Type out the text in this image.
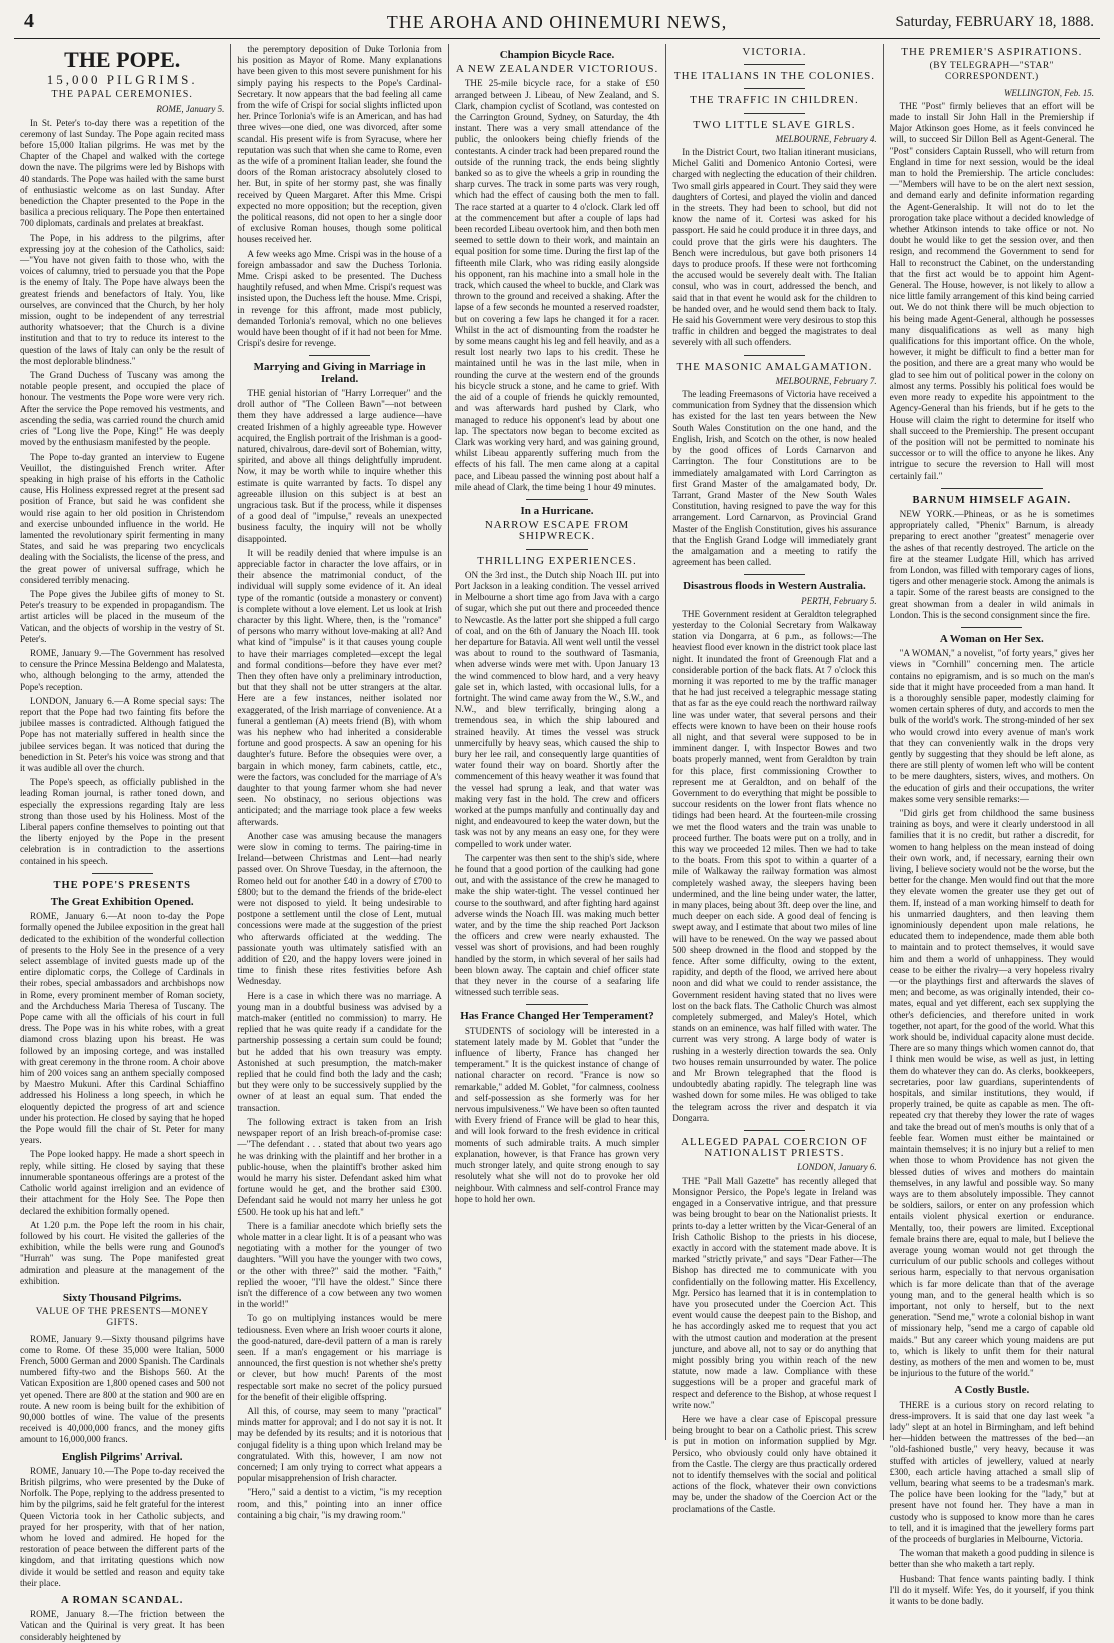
4	THE AROHA AND OHINEMURI NEWS,	Saturday, FEBRUARY 18, 1888.
THE POPE.
15,000 PILGRIMS.
THE PAPAL CEREMONIES.
ROME, January 5.

In St. Peter's to-day there was a repetition of the ceremony of last Sunday. The Pope again recited mass before 15,000 Italian pilgrims. He was met by the Chapter of the Chapel and walked with the cortege down the nave. The pilgrims were led by Bishops with 40 standards. The Pope was hailed with the same burst of enthusiastic welcome as on last Sunday. After benediction the Chapter presented to the Pope in the basilica a precious reliquary. The Pope then entertained 700 diplomats, cardinals and prelates at breakfast.

The Pope, in his address to the pilgrims, after expressing joy at the cohesion of the Catholics, said:—"You have not given faith to those who, with the voices of calumny, tried to persuade you that the Pope is the enemy of Italy. The Pope have always been the greatest friends and benefactors of Italy. You, like ourselves, are convinced that the Church, by her holy mission, ought to be independent of any terrestrial authority whatsoever; that the Church is a divine institution and that to try to reduce its interest to the question of the laws of Italy can only be the result of the most deplorable blindness."

The Grand Duchess of Tuscany was among the notable people present, and occupied the place of honour. The vestments the Pope wore were very rich. After the service the Pope removed his vestments, and ascending the sedia, was carried round the church amid cries of "Long live the Pope, King!" He was deeply moved by the enthusiasm manifested by the people.

The Pope to-day granted an interview to Eugene Veuillot, the distinguished French writer. After speaking in high praise of his efforts in the Catholic cause, His Holiness expressed regret at the present sad position of France, but said he was confident she would rise again to her old position in Christendom and exercise unbounded influence in the world. He lamented the revolutionary spirit fermenting in many States, and said he was preparing two encyclicals dealing with the Socialists, the license of the press, and the great power of universal suffrage, which he considered terribly menacing.

The Pope gives the Jubilee gifts of money to St. Peter's treasury to be expended in propagandism. The artist articles will be placed in the museum of the Vatican, and the objects of worship in the vestry of St. Peter's.

ROME, January 9.—The Government has resolved to censure the Prince Messina Beldengo and Malatesta, who, although belonging to the army, attended the Pope's reception.

LONDON, January 6.—A Rome special says: The report that the Pope had two fainting fits before the jubilee masses is contradicted. Although fatigued the Pope has not materially suffered in health since the jubilee services began. It was noticed that during the benediction in St. Peter's his voice was strong and that it was audible all over the church.

The Pope's speech, as officially published in the leading Roman journal, is rather toned down, and especially the expressions regarding Italy are less strong than those used by his Holiness. Most of the Liberal papers confine themselves to pointing out that the liberty enjoyed by the Pope in the present celebration is in contradiction to the assertions contained in his speech.

THE POPE'S PRESENTS
The Great Exhibition Opened.

ROME, January 6.—At noon to-day the Pope formally opened the Jubilee exposition in the great hall dedicated to the exhibition of the wonderful collection of presents to the Holy See in the presence of a very select assemblage of invited guests made up of the entire diplomatic corps, the College of Cardinals in their robes, special ambassadors and archbishops now in Rome, every prominent member of Roman society, and the Archduchess Maria Theresa of Tuscany. The Pope came with all the officials of his court in full dress. The Pope was in his white robes, with a great diamond cross blazing upon his breast. He was followed by an imposing cortege, and was installed with great ceremony in the throne room. A choir above him of 200 voices sang an anthem specially composed by Maestro Mukuni. After this Cardinal Schiaffino addressed his Holiness a long speech, in which he eloquently depicted the progress of art and science under his protection. He closed by saying that he hoped the Pope would fill the chair of St. Peter for many years.

The Pope looked happy. He made a short speech in reply, while sitting. He closed by saying that these innumerable spontaneous offerings are a protest of the Catholic world against irreligion and an evidence of their attachment for the Holy See. The Pope then declared the exhibition formally opened.

At 1.20 p.m. the Pope left the room in his chair, followed by his court. He visited the galleries of the exhibition, while the bells were rung and Gounod's "Hurrah" was sung. The Pope manifested great admiration and pleasure at the management of the exhibition.

Sixty Thousand Pilgrims.
VALUE OF THE PRESENTS—MONEY GIFTS.

ROME, January 9.—Sixty thousand pilgrims have come to Rome. Of these 35,000 were Italian, 5000 French, 5000 German and 2000 Spanish. The Cardinals numbered fifty-two and the Bishops 560. At the Vatican Exposition are 1,800 opened cases and 500 not yet opened. There are 800 at the station and 900 are en route. A new room is being built for the exhibition of 90,000 bottles of wine. The value of the presents received is 40,000,000 francs, and the money gifts amount to 16,000,000 francs.

English Pilgrims' Arrival.

ROME, January 10.—The Pope to-day received the British pilgrims, who were presented by the Duke of Norfolk. The Pope, replying to the address presented to him by the pilgrims, said he felt grateful for the interest Queen Victoria took in her Catholic subjects, and prayed for her prosperity, with that of her nation, whom he loved and admired. He hoped for the restoration of peace between the different parts of the kingdom, and that irritating questions which now divide it would be settled and reason and equity take their place.

A ROMAN SCANDAL.

ROME, January 8.—The friction between the Vatican and the Quirinal is very great. It has been considerably heightened by

the peremptory deposition of Duke Torlonia from his position as Mayor of Rome. Many explanations have been given to this most severe punishment for his simply paying his respects to the Pope's Cardinal-Secretary. It now appears that the bad feeling all came from the wife of Crispi for social slights inflicted upon her. Prince Torlonia's wife is an American, and has had three wives—one died, one was divorced, after some scandal. His present wife is from Syracuse, where her reputation was such that when she came to Rome, even as the wife of a prominent Italian leader, she found the doors of the Roman aristocracy absolutely closed to her. But, in spite of her stormy past, she was finally received by Queen Margaret. After this Mme. Crispi expected no more opposition; but the reception, given the political reasons, did not open to her a single door of exclusive Roman houses, though some political houses received her.

A few weeks ago Mme. Crispi was in the house of a foreign ambassador and saw the Duchess Torlonia. Mme. Crispi asked to be presented. The Duchess haughtily refused, and when Mme. Crispi's request was insisted upon, the Duchess left the house. Mme. Crispi, in revenge for this affront, made most publicly, demanded Torlonia's removal, which no one believes would have been thought of if it had not been for Mme. Crispi's desire for revenge.

Marrying and Giving in Marriage in Ireland.

THE genial historian of "Harry Lorrequer" and the droll author of "The Colleen Bawn"—not between them they have addressed a large audience—have created Irishmen of a highly agreeable type. However acquired, the English portrait of the Irishman is a good-natured, chivalrous, dare-devil sort of Bohemian, witty, spirited, and above all things delightfully imprudent. Now, it may be worth while to inquire whether this estimate is quite warranted by facts. To dispel any agreeable illusion on this subject is at best an ungracious task. But if the process, while it dispenses of a good deal of "impulse," reveals an unexpected business faculty, the inquiry will not be wholly disappointed.

It will be readily denied that where impulse is an appreciable factor in character the love affairs, or in their absence the matrimonial conduct, of the individual will supply some evidence of it. An ideal type of the romantic (outside a monastery or convent) is complete without a love element. Let us look at Irish character by this light. Where, then, is the "romance" of persons who marry without love-making at all? And what kind of "impulse" is it that causes young couple to have their marriages completed—except the legal and formal conditions—before they have ever met? Then they often have only a preliminary introduction, but that they shall not be utter strangers at the altar. Here are a few instances, neither isolated nor exaggerated, of the Irish marriage of convenience. At a funeral a gentleman (A) meets friend (B), with whom was his nephew who had inherited a considerable fortune and good prospects. A saw an opening for his daughter's future. Before the obsequies were over, a bargain in which money, farm cabinets, cattle, etc., were the factors, was concluded for the marriage of A's daughter to that young farmer whom she had never seen. No obstinacy, no serious objections was anticipated; and the marriage took place a few weeks afterwards.

Another case was amusing because the managers were slow in coming to terms. The pairing-time in Ireland—between Christmas and Lent—had nearly passed over. On Shrove Tuesday, in the afternoon, the Romeo held out for another £40 in a dowry of £700 to £800; but to the demand the friends of the bride-elect were not disposed to yield. It being undesirable to postpone a settlement until the close of Lent, mutual concessions were made at the suggestion of the priest who afterwards officiated at the wedding. The passionate youth was ultimately satisfied with an addition of £20, and the happy lovers were joined in time to finish these rites festivities before Ash Wednesday.

Here is a case in which there was no marriage. A young man in a doubtful business was advised by a match-maker (entitled no commission) to marry. He replied that he was quite ready if a candidate for the partnership possessing a certain sum could be found; but he added that his own treasury was empty. Astonished at such presumption, the match-maker replied that he could find both the lady and the cash; but they were only to be successively supplied by the owner of at least an equal sum. That ended the transaction.

The following extract is taken from an Irish newspaper report of an Irish breach-of-promise case:—"The defendant . . . stated that about two years ago he was drinking with the plaintiff and her brother in a public-house, when the plaintiff's brother asked him would he marry his sister. Defendant asked him what fortune would he get, and the brother said £300. Defendant said he would not marry her unless he got £500. He took up his hat and left."

There is a familiar anecdote which briefly sets the whole matter in a clear light. It is of a peasant who was negotiating with a mother for the younger of two daughters. "Will you have the younger with two cows, or the other with three?" said the mother. "Faith," replied the wooer, "I'll have the oldest." Since there isn't the difference of a cow between any two women in the world!"

To go on multiplying instances would be mere tediousness. Even where an Irish wooer courts it alone, the good-natured, dare-devil pattern of a man is rarely seen. If a man's engagement or his marriage is announced, the first question is not whether she's pretty or clever, but how much! Parents of the most respectable sort make no secret of the policy pursued for the benefit of their eligible offspring.

All this, of course, may seem to many "practical" minds matter for approval; and I do not say it is not. It may be defended by its results; and it is notorious that conjugal fidelity is a thing upon which Ireland may be congratulated. With this, however, I am now not concerned; I am only trying to correct what appears a popular misapprehension of Irish character.

"Hero," said a dentist to a victim, "is my reception room, and this," pointing into an inner office containing a big chair, "is my drawing room."

Champion Bicycle Race.
A NEW ZEALANDER VICTORIOUS.

THE 25-mile bicycle race, for a stake of £50 arranged between J. Libeau, of New Zealand, and S. Clark, champion cyclist of Scotland, was contested on the Carrington Ground, Sydney, on Saturday, the 4th instant. There was a very small attendance of the public, the onlookers being chiefly friends of the contestants. A cinder track had been prepared round the outside of the running track, the ends being slightly banked so as to give the wheels a grip in rounding the sharp curves. The track in some parts was very rough, which had the effect of causing both the men to fall. The race started at a quarter to 4 o'clock. Clark led off at the commencement but after a couple of laps had been recorded Libeau overtook him, and then both men seemed to settle down to their work, and maintain an equal position for some time. During the first lap of the fifteenth mile Clark, who was riding easily alongside his opponent, ran his machine into a small hole in the track, which caused the wheel to buckle, and Clark was thrown to the ground and received a shaking. After the lapse of a few seconds he mounted a reserved roadster, but on covering a few laps he changed it for a racer. Whilst in the act of dismounting from the roadster he by some means caught his leg and fell heavily, and as a result lost nearly two laps to his credit. These he maintained until he was in the last mile, when in rounding the curve at the western end of the grounds his bicycle struck a stone, and he came to grief. With the aid of a couple of friends he quickly remounted, and was afterwards hard pushed by Clark, who managed to reduce his opponent's lead by about one lap. The spectators now began to become excited as Clark was working very hard, and was gaining ground, whilst Libeau apparently suffering much from the effects of his fall. The men came along at a capital pace, and Libeau passed the winning post about half a mile ahead of Clark, the time being 1 hour 49 minutes.

In a Hurricane.
NARROW ESCAPE FROM SHIPWRECK.
THRILLING EXPERIENCES.

ON the 3rd inst., the Dutch ship Noach III. put into Port Jackson in a leaking condition. The vessel arrived in Melbourne a short time ago from Java with a cargo of sugar, which she put out there and proceeded thence to Newcastle. As the latter port she shipped a full cargo of coal, and on the 6th of January the Noach III. took her departure for Batavia. All went well until the vessel was about to round to the southward of Tasmania, when adverse winds were met with. Upon January 13 the wind commenced to blow hard, and a very heavy gale set in, which lasted, with occasional lulls, for a fortnight. The wind came away from the W., S.W., and N.W., and blew terrifically, bringing along a tremendous sea, in which the ship laboured and strained heavily. At times the vessel was struck unmercifully by heavy seas, which caused the ship to bury her lee rail, and consequently large quantities of water found their way on board. Shortly after the commencement of this heavy weather it was found that the vessel had sprung a leak, and that water was making very fast in the hold. The crew and officers worked at the pumps manfully and continually day and night, and endeavoured to keep the water down, but the task was not by any means an easy one, for they were compelled to work under water.

The carpenter was then sent to the ship's side, where he found that a good portion of the caulking had gone out, and with the assistance of the crew he managed to make the ship water-tight. The vessel continued her course to the southward, and after fighting hard against adverse winds the Noach III. was making much better water, and by the time the ship reached Port Jackson the officers and crew were nearly exhausted. The vessel was short of provisions, and had been roughly handled by the storm, in which several of her sails had been blown away. The captain and chief officer state that they never in the course of a seafaring life witnessed such terrible seas.

Has France Changed Her Temperament?

STUDENTS of sociology will be interested in a statement lately made by M. Goblet that "under the influence of liberty, France has changed her temperament." It is the quickest instance of change of national character on record. "France is now so remarkable," added M. Goblet, "for calmness, coolness and self-possession as she formerly was for her nervous impulsiveness." We have been so often taunted with Every friend of France will be glad to hear this, and will look forward to the fresh evidence in critical moments of such admirable traits. A much simpler explanation, however, is that France has grown very much stronger lately, and quite strong enough to say resolutely what she will not do to provoke her old neighbour. With calmness and self-control France may hope to hold her own.

VICTORIA.
THE ITALIANS IN THE COLONIES.
THE TRAFFIC IN CHILDREN.
TWO LITTLE SLAVE GIRLS.
MELBOURNE, February 4.

In the District Court, two Italian itinerant musicians, Michel Galiti and Domenico Antonio Cortesi, were charged with neglecting the education of their children. Two small girls appeared in Court. They said they were daughters of Cortesi, and played the violin and danced in the streets. They had been to school, but did not know the name of it. Cortesi was asked for his passport. He said he could produce it in three days, and could prove that the girls were his daughters. The Bench were incredulous, but gave both prisoners 14 days to produce proofs. If these were not forthcoming the accused would be severely dealt with. The Italian consul, who was in court, addressed the bench, and said that in that event he would ask for the children to be handed over, and he would send them back to Italy. He said his Government were very desirous to stop this traffic in children and begged the magistrates to deal severely with all such offenders.

THE MASONIC AMALGAMATION.
MELBOURNE, February 7.

The leading Freemasons of Victoria have received a communication from Sydney that the dissension which has existed for the last ten years between the New South Wales Constitution on the one hand, and the English, Irish, and Scotch on the other, is now healed by the good offices of Lords Carnarvon and Carrington. The four Constitutions are to be immediately amalgamated with Lord Carrington as first Grand Master of the amalgamated body, Dr. Tarrant, Grand Master of the New South Wales Constitution, having resigned to pave the way for this arrangement. Lord Carnarvon, as Provincial Grand Master of the English Constitution, gives his assurance that the English Grand Lodge will immediately grant the amalgamation and a meeting to ratify the agreement has been called.

Disastrous floods in Western Australia.
PERTH, February 5.

THE Government resident at Geraldton telegraphed yesterday to the Colonial Secretary from Walkaway station via Dongarra, at 6 p.m., as follows:—The heaviest flood ever known in the district took place last night. It inundated the front of Greenough Flat and a considerable portion of the back flats. At 7 o'clock this morning it was reported to me by the traffic manager that he had just received a telegraphic message stating that as far as the eye could reach the northward railway line was under water, that several persons and their effects were known to have been on their house roofs all night, and that several were supposed to be in imminent danger. I, with Inspector Bowes and two boats properly manned, went from Geraldton by train for this place, first commissioning Crowther to represent me at Geraldton, and on behalf of the Government to do everything that might be possible to succour residents on the lower front flats whence no tidings had been heard. At the fourteen-mile crossing we met the flood waters and the train was unable to proceed further. The boats were put on a trolly, and in this way we proceeded 12 miles. Then we had to take to the boats. From this spot to within a quarter of a mile of Walkaway the railway formation was almost completely washed away, the sleepers having been undermined, and the line being under water, the latter, in many places, being about 3ft. deep over the line, and much deeper on each side. A good deal of fencing is swept away, and I estimate that about two miles of line will have to be renewed. On the way we passed about 500 sheep drowned in the flood and stopped by the fence. After some difficulty, owing to the extent, rapidity, and depth of the flood, we arrived here about noon and did what we could to render assistance, the Government resident having stated that no lives were lost on the back flats. The Catholic Church was almost completely submerged, and Maley's Hotel, which stands on an eminence, was half filled with water. The current was very strong. A large body of water is rushing in a westerly direction towards the sea. Only two houses remain unsurrounded by water. The police and Mr Brown telegraphed that the flood is undoubtedly abating rapidly. The telegraph line was washed down for some miles. He was obliged to take the telegram across the river and despatch it via Dongarra.

ALLEGED PAPAL COERCION OF NATIONALIST PRIESTS.
LONDON, January 6.

THE "Pall Mall Gazette" has recently alleged that Monsignor Persico, the Pope's legate in Ireland was engaged in a Conservative intrigue, and that pressure was being brought to bear on the Nationalist priests. It prints to-day a letter written by the Vicar-General of an Irish Catholic Bishop to the priests in his diocese, exactly in accord with the statement made above. It is marked "strictly private," and says "Dear Father—The Bishop has directed me to communicate with you confidentially on the following matter. His Excellency, Mgr. Persico has learned that it is in contemplation to have you prosecuted under the Coercion Act. This event would cause the deepest pain to the Bishop, and he has accordingly asked me to request that you act with the utmost caution and moderation at the present juncture, and above all, not to say or do anything that might possibly bring you within reach of the new statute, now made a law. Compliance with these suggestions will be a proper and graceful mark of respect and deference to the Bishop, at whose request I write now."

Here we have a clear case of Episcopal pressure being brought to bear on a Catholic priest. This screw is put in motion on information supplied by Mgr. Persico, who obviously could only have obtained it from the Castle. The clergy are thus practically ordered not to identify themselves with the social and political actions of the flock, whatever their own convictions may be, under the shadow of the Coercion Act or the proclamations of the Castle.

THE PREMIER'S ASPIRATIONS.
(BY TELEGRAPH—"STAR" CORRESPONDENT.)
WELLINGTON, Feb. 15.

THE "Post" firmly believes that an effort will be made to install Sir John Hall in the Premiership if Major Atkinson goes Home, as it feels convinced he will, to succeed Sir Dillon Bell as Agent-General. The "Post" considers Captain Russell, who will return from England in time for next session, would be the ideal man to hold the Premiership. The article concludes:—"Members will have to be on the alert next session, and demand early and definite information regarding the Agent-Generalship. It will not do to let the prorogation take place without a decided knowledge of whether Atkinson intends to take office or not. No doubt he would like to get the session over, and then resign, and recommend the Government to send for Hall to reconstruct the Cabinet, on the understanding that the first act would be to appoint him Agent-General. The House, however, is not likely to allow a nice little family arrangement of this kind being carried out. We do not think there will be much objection to his being made Agent-General, although he possesses many disqualifications as well as many high qualifications for this important office. On the whole, however, it might be difficult to find a better man for the position, and there are a great many who would be glad to see him out of political power in the colony on almost any terms. Possibly his political foes would be even more ready to expedite his appointment to the Agency-General than his friends, but if he gets to the House will claim the right to determine for itself who shall succeed to the Premiership. The present occupant of the position will not be permitted to nominate his successor or to will the office to anyone he likes. Any intrigue to secure the reversion to Hall will most certainly fail."

BARNUM HIMSELF AGAIN.

NEW YORK.—Phineas, or as he is sometimes appropriately called, "Phenix" Barnum, is already preparing to erect another "greatest" menagerie over the ashes of that recently destroyed. The article on the fire at the steamer Ludgate Hill, which has arrived from London, was filled with temporary cages of lions, tigers and other menagerie stock. Among the animals is a tapir. Some of the rarest beasts are consigned to the great showman from a dealer in wild animals in London. This is the second consignment since the fire.

A Woman on Her Sex.

"A WOMAN," a novelist, "of forty years," gives her views in "Cornhill" concerning men. The article contains no epigramism, and is so much on the man's side that it might have proceeded from a man hand. It is a thoroughly sensible paper, modestly claiming for women certain spheres of duty, and accords to men the bulk of the world's work. The strong-minded of her sex who would crowd into every avenue of man's work that they can conveniently walk in the drops very gently by suggesting that they should be left alone, as there are still plenty of women left who will be content to be mere daughters, sisters, wives, and mothers. On the education of girls and their occupations, the writer makes some very sensible remarks:—

"Did girls get from childhood the same business training as boys, and were it clearly understood in all families that it is no credit, but rather a discredit, for women to hang helpless on the mean instead of doing their own work, and, if necessary, earning their own living, I believe society would not be the worse, but the better for the change. Men would find out that the more they elevate women the greater use they get out of them. If, instead of a man working himself to death for his unmarried daughters, and then leaving them ignominiously dependent upon male relations, he educated them to independence, made them able both to maintain and to protect themselves, it would save him and them a world of unhappiness. They would cease to be either the rivalry—a very hopeless rivalry—or the playthings first and afterwards the slaves of men; and become, as was originally intended, their co-mates, equal and yet different, each sex supplying the other's deficiencies, and therefore united in work together, not apart, for the good of the world. What this work should be, individual capacity alone must decide. There are so many things which women cannot do, that I think men would be wise, as well as just, in letting them do whatever they can do. As clerks, bookkeepers, secretaries, poor law guardians, superintendents of hospitals, and similar institutions, they would, if properly trained, be quite as capable as men. The oft-repeated cry that thereby they lower the rate of wages and take the bread out of men's mouths is only that of a feeble fear. Women must either be maintained or maintain themselves; it is no injury but a relief to men when those to whom Providence has not given the blessed duties of wives and mothers do maintain themselves, in any lawful and possible way. So many ways are to them absolutely impossible. They cannot be soldiers, sailors, or enter on any profession which entails violent physical exertion or endurance. Mentally, too, their powers are limited. Exceptional female brains there are, equal to male, but I believe the average young woman would not get through the curriculum of our public schools and colleges without serious harm, especially to that nervous organisation which is far more delicate than that of the average young man, and to the general health which is so important, not only to herself, but to the next generation. "Send me," wrote a colonial bishop in want of missionary help, "send me a cargo of capable old maids." But any career which young maidens are put to, which is likely to unfit them for their natural destiny, as mothers of the men and women to be, must be injurious to the future of the world."

A Costly Bustle.

THERE is a curious story on record relating to dress-improvers. It is said that one day last week "a lady" slept at an hotel in Birmingham, and left behind her—hidden between the mattresses of the bed—an "old-fashioned bustle," very heavy, because it was stuffed with articles of jewellery, valued at nearly £300, each article having attached a small slip of vellum, bearing what seems to be a tradesman's mark. The police have been looking for the "lady," but at present have not found her. They have a man in custody who is supposed to know more than he cares to tell, and it is imagined that the jewellery forms part of the proceeds of burglaries in Melbourne, Victoria.

The woman that maketh a good pudding in silence is better than she who maketh a tart reply.

Husband: That fence wants painting badly. I think I'll do it myself. Wife: Yes, do it yourself, if you think it wants to be done badly.
